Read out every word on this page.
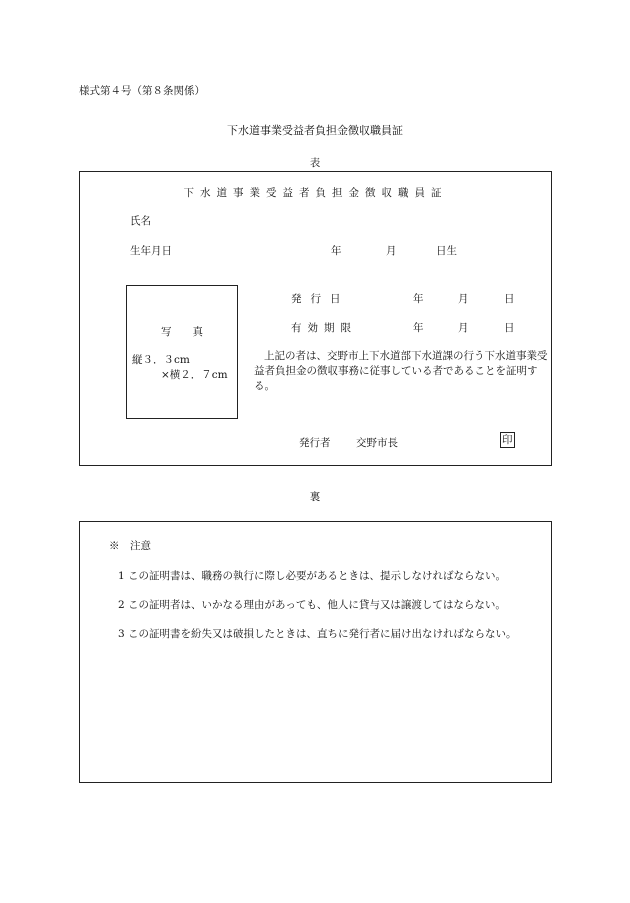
様式第４号（第８条関係）
下水道事業受益者負担金徴収職員証
表
下水道事業受益者負担金徴収職員証
氏名
生年月日	年	月	日生
写　　真
縦３．３cm
×横２．７cm
発行日	年	月	日
有効期限	年	月	日
上記の者は、交野市上下水道部下水道課の行う下水道事業受益者負担金の徴収事務に従事している者であることを証明する。
発行者 交野市長	印
裏
※　注意
1 この証明書は、職務の執行に際し必要があるときは、提示しなければならない。
2 この証明者は、いかなる理由があっても、他人に貸与又は譲渡してはならない。
3 この証明書を紛失又は破損したときは、直ちに発行者に届け出なければならない。
